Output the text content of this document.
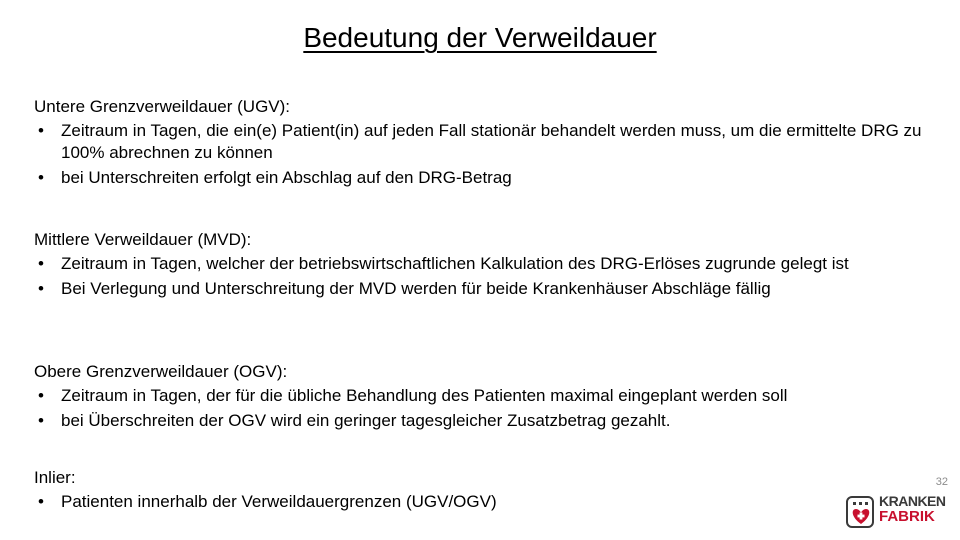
Bedeutung der Verweildauer
Untere Grenzverweildauer (UGV):
• Zeitraum in Tagen, die ein(e) Patient(in) auf jeden Fall stationär behandelt werden muss, um die ermittelte DRG zu 100% abrechnen zu können
• bei Unterschreiten erfolgt ein Abschlag auf den DRG-Betrag
Mittlere Verweildauer (MVD):
• Zeitraum in Tagen, welcher der betriebswirtschaftlichen Kalkulation des DRG-Erlöses zugrunde gelegt ist
• Bei Verlegung und Unterschreitung der MVD werden für beide Krankenhäuser Abschläge fällig
Obere Grenzverweildauer (OGV):
• Zeitraum in Tagen, der für die übliche Behandlung des Patienten maximal eingeplant werden soll
• bei Überschreiten der OGV wird ein geringer tagesgleicher Zusatzbetrag gezahlt.
Inlier:
• Patienten innerhalb der Verweildauergrenzen (UGV/OGV)
32
KRANKEN
FABRIK
